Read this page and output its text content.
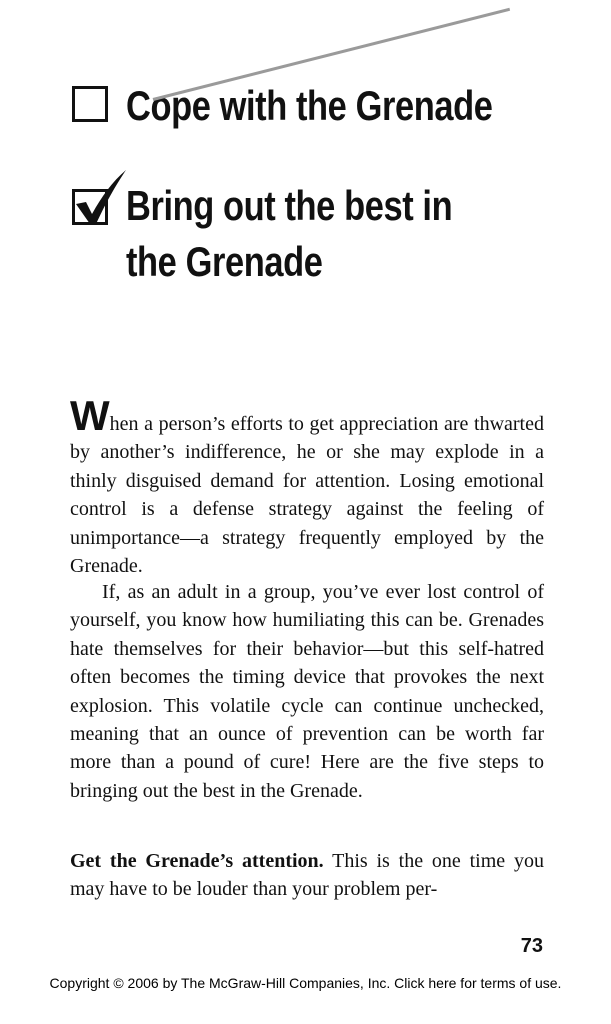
Cope with the Grenade
Bring out the best in
the Grenade

When a person’s efforts to get appreciation are thwarted by another’s indifference, he or she may explode in a thinly disguised demand for attention. Losing emotional control is a defense strategy against the feeling of unimportance—a strategy frequently employed by the Grenade.

If, as an adult in a group, you’ve ever lost control of yourself, you know how humiliating this can be. Grenades hate themselves for their behavior—but this self-hatred often becomes the timing device that provokes the next explosion. This volatile cycle can continue unchecked, meaning that an ounce of prevention can be worth far more than a pound of cure! Here are the five steps to bringing out the best in the Grenade.

Get the Grenade’s attention. This is the one time you may have to be louder than your problem per-

73
Copyright © 2006 by The McGraw-Hill Companies, Inc. Click here for terms of use.
